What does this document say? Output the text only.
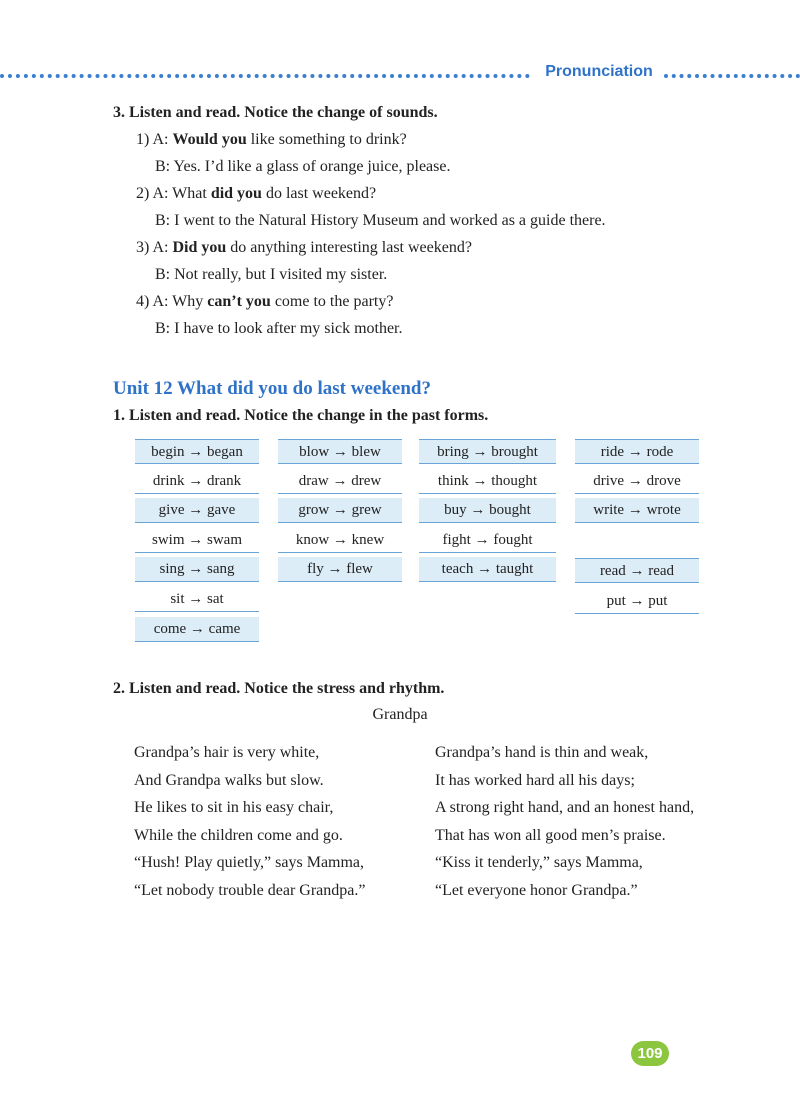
Pronunciation
3. Listen and read. Notice the change of sounds.
1) A: Would you like something to drink?
B: Yes. I’d like a glass of orange juice, please.
2) A: What did you do last weekend?
B: I went to the Natural History Museum and worked as a guide there.
3) A: Did you do anything interesting last weekend?
B: Not really, but I visited my sister.
4) A: Why can’t you come to the party?
B: I have to look after my sick mother.
Unit 12 What did you do last weekend?
1. Listen and read. Notice the change in the past forms.
begin → began
drink → drank
give → gave
swim → swam
sing → sang
sit → sat
come → came
blow → blew
draw → drew
grow → grew
know → knew
fly → flew
bring → brought
think → thought
buy → bought
fight → fought
teach → taught
ride → rode
drive → drove
write → wrote
read → read
put → put
2. Listen and read. Notice the stress and rhythm.
Grandpa
Grandpa’s hair is very white,
And Grandpa walks but slow.
He likes to sit in his easy chair,
While the children come and go.
“Hush! Play quietly,” says Mamma,
“Let nobody trouble dear Grandpa.”
Grandpa’s hand is thin and weak,
It has worked hard all his days;
A strong right hand, and an honest hand,
That has won all good men’s praise.
“Kiss it tenderly,” says Mamma,
“Let everyone honor Grandpa.”
109
